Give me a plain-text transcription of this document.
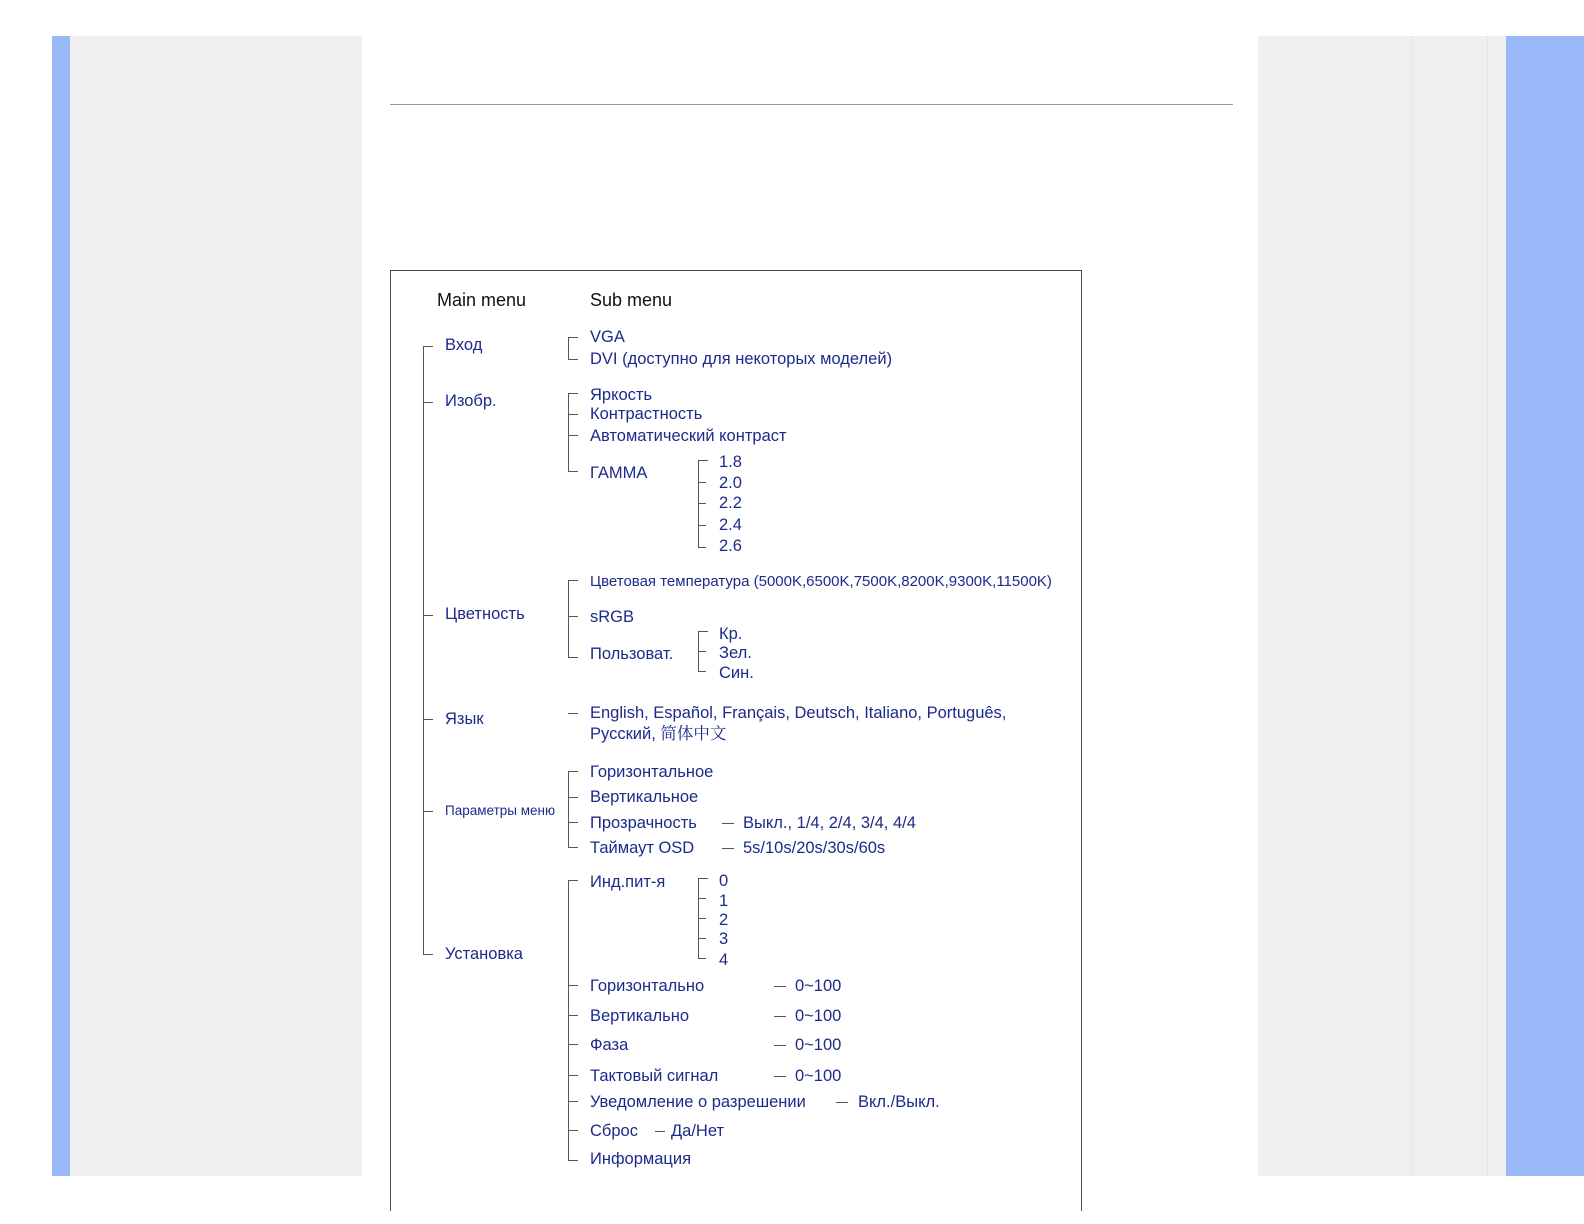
Main menu	Sub menu
Вход
Изобр.
Цветность
Язык
Параметры меню
Установка
VGA
DVI (доступно для некоторых моделей)
Яркость
Контрастность
Автоматический контраст
ГАММА
1.8
2.0
2.2
2.4
2.6
Цветовая температура (5000K,6500K,7500K,8200K,9300K,11500K)
sRGB
Пользоват.
Кр.
Зел.
Син.
English, Español, Français, Deutsch, Italiano, Português,
Русский, 简体中文
Горизонтальное
Вертикальное
Прозрачность	Выкл., 1/4, 2/4, 3/4, 4/4
Таймаут OSD	5s/10s/20s/30s/60s
Инд.пит-я	0
1
2
3
4
Горизонтально	0~100
Вертикально	0~100
Фаза	0~100
Тактовый сигнал	0~100
Уведомление о разрешении	Вкл./Выкл.
Сброс Да/Нет
Информация
